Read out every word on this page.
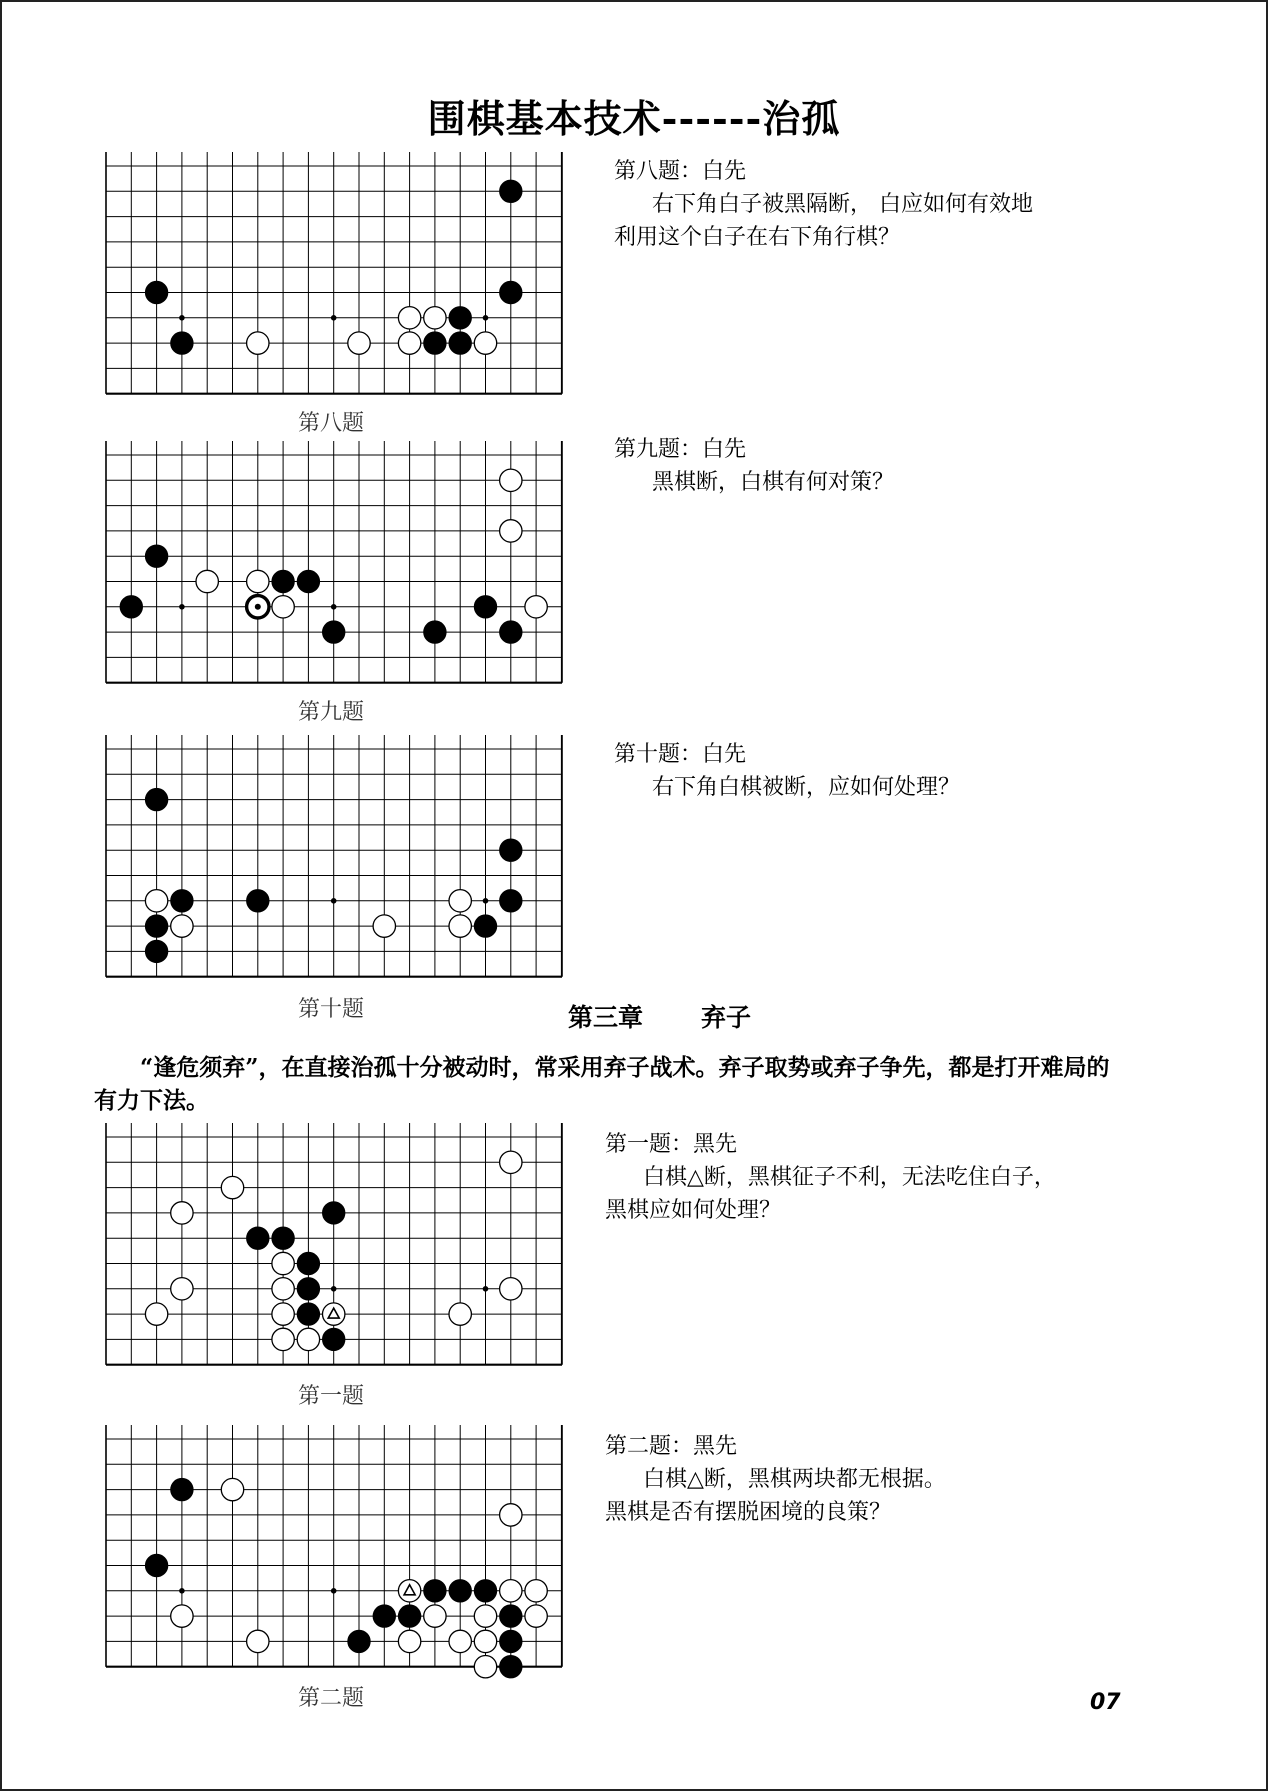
围棋基本技术------治孤
第八题
第八题：白先
右下角白子被黑隔断， 白应如何有效地
利用这个白子在右下角行棋？
第九题
第九题：白先
黑棋断，白棋有何对策？
第十题
第十题：白先
右下角白棋被断，应如何处理？
第三章 弃子
“逢危须弃”，在直接治孤十分被动时，常采用弃子战术。弃子取势或弃子争先，都是打开难局的有力下法。
第一题
第一题：黑先
白棋△断，黑棋征子不利，无法吃住白子，
黑棋应如何处理？
第二题
第二题：黑先
白棋△断，黑棋两块都无根据。
黑棋是否有摆脱困境的良策？
07
